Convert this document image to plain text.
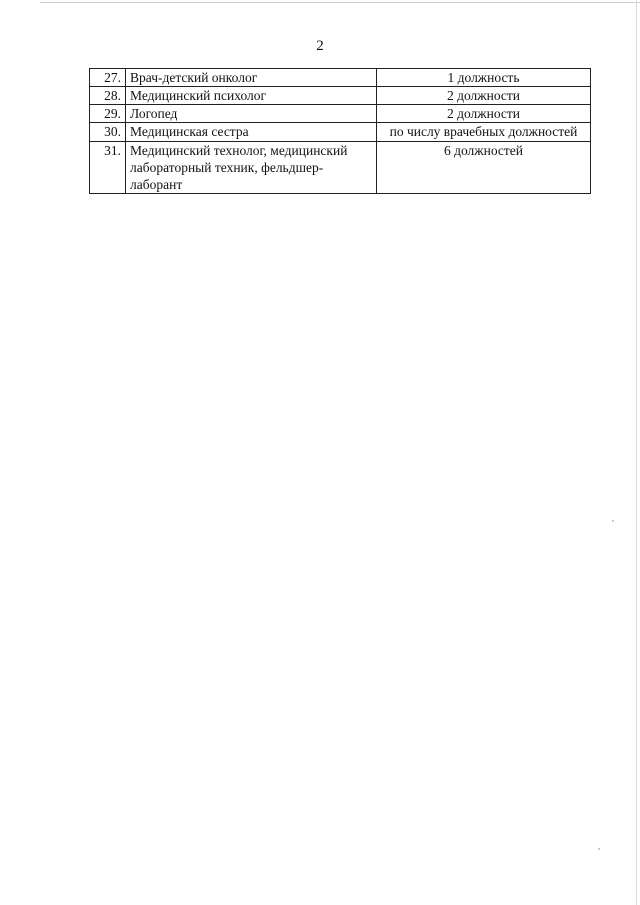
2
27.	Врач-детский онколог	1 должность
28.	Медицинский психолог	2 должности
29.	Логопед	2 должности
30.	Медицинская сестра	по числу врачебных должностей
31.	Медицинский технолог, медицинский лабораторный техник, фельдшер-лаборант	6 должностей
